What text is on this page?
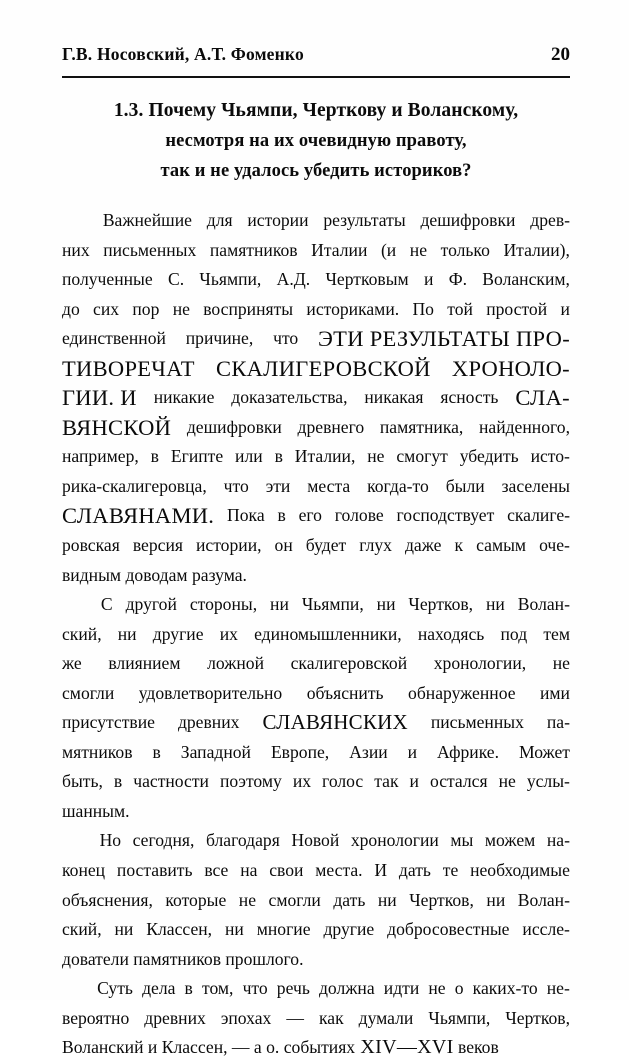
Г.В. Носовский, А.Т. Фоменко	20
1.3. Почему Чьямпи, Черткову и Воланскому,
несмотря на их очевидную правоту,
так и не удалось убедить историков?
Важнейшие для истории результаты дешифровки древ-
них письменных памятников Италии (и не только Италии),
полученные С. Чьямпи, А.Д. Чертковым и Ф. Воланским,
до сих пор не восприняты историками. По той простой и
единственной причине, что ЭТИ РЕЗУЛЬТАТЫ ПРО-
ТИВОРЕЧАТ СКАЛИГЕРОВСКОЙ ХРОНОЛО-
ГИИ. И никакие доказательства, никакая ясность СЛА-
ВЯНСКОЙ дешифровки древнего памятника, найденного,
например, в Египте или в Италии, не смогут убедить исто-
рика-скалигеровца, что эти места когда-то были заселены
СЛАВЯНАМИ. Пока в его голове господствует скалиге-
ровская версия истории, он будет глух даже к самым оче-
видным доводам разума.
С другой стороны, ни Чьямпи, ни Чертков, ни Волан-
ский, ни другие их единомышленники, находясь под тем
же влиянием ложной скалигеровской хронологии, не
смогли удовлетворительно объяснить обнаруженное ими
присутствие древних СЛАВЯНСКИХ письменных па-
мятников в Западной Европе, Азии и Африке. Может
быть, в частности поэтому их голос так и остался не услы-
шанным.
Но сегодня, благодаря Новой хронологии мы можем на-
конец поставить все на свои места. И дать те необходимые
объяснения, которые не смогли дать ни Чертков, ни Волан-
ский, ни Классен, ни многие другие добросовестные иссле-
дователи памятников прошлого.
Суть дела в том, что речь должна идти не о каких-то не-
вероятно древних эпохах — как думали Чьямпи, Чертков,
Воланский и Классен, — а о. событиях XIV—XVI веков
